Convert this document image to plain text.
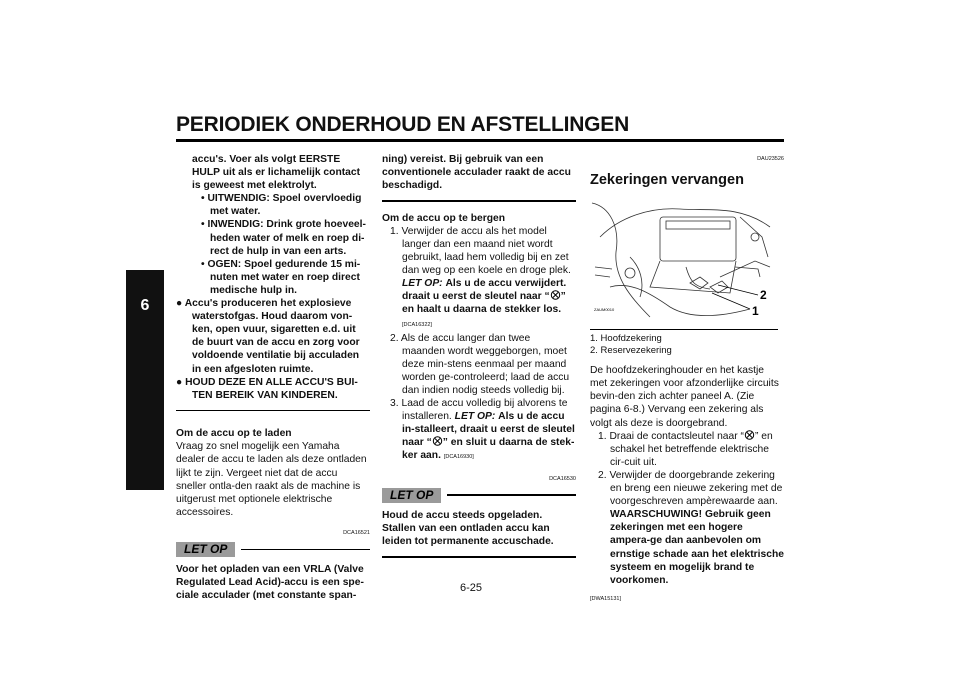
PERIODIEK ONDERHOUD EN AFSTELLINGEN
6

accu's. Voer als volgt EERSTE HULP uit als er lichamelijk contact is geweest met elektrolyt.

• UITWENDIG: Spoel overvloedig met water.

• INWENDIG: Drink grote hoeveel-heden water of melk en roep di-rect de hulp in van een arts.

• OGEN: Spoel gedurende 15 mi-nuten met water en roep direct medische hulp in.

● Accu's produceren het explosieve waterstofgas. Houd daarom von-ken, open vuur, sigaretten e.d. uit de buurt van de accu en zorg voor voldoende ventilatie bij acculaden in een afgesloten ruimte.

● HOUD DEZE EN ALLE ACCU'S BUI-TEN BEREIK VAN KINDEREN.

Om de accu op te laden

Vraag zo snel mogelijk een Yamaha dealer de accu te laden als deze ontladen lijkt te zijn. Vergeet niet dat de accu sneller ontla-den raakt als de machine is uitgerust met optionele elektrische accessoires.

DCA16521
LET OP

Voor het opladen van een VRLA (Valve Regulated Lead Acid)-accu is een spe-ciale acculader (met constante span-

ning) vereist. Bij gebruik van een conventionele acculader raakt de accu beschadigd.

Om de accu op te bergen

1. Verwijder de accu als het model langer dan een maand niet wordt gebruikt, laad hem volledig bij en zet dan weg op een koele en droge plek. LET OP: Als u de accu verwijdert. draait u eerst de sleutel naar “ ” en haalt u daarna de stekker los. [DCA16322]

2. Als de accu langer dan twee maanden wordt weggeborgen, moet deze min-stens eenmaal per maand worden ge-controleerd; laad de accu dan indien nodig steeds volledig bij.

3. Laad de accu volledig bij alvorens te installeren. LET OP: Als u de accu in-stalleert, draait u eerst de sleutel naar “ ” en sluit u daarna de stek-ker aan. [DCA16930]

DCA16530
LET OP

Houd de accu steeds opgeladen. Stallen van een ontladen accu kan leiden tot permanente accuschade.

DAU23526
Zekeringen vervangen
ZAUM0010
2
1
1. Hoofdzekering
2. Reservezekering

De hoofdzekeringhouder en het kastje met zekeringen voor afzonderlijke circuits bevin-den zich achter paneel A. (Zie pagina 6-8.) Vervang een zekering als volgt als deze is doorgebrand.

1. Draai de contactsleutel naar “ ” en schakel het betreffende elektrische cir-cuit uit.

2. Verwijder de doorgebrande zekering en breng een nieuwe zekering met de voorgeschreven ampèrewaarde aan. WAARSCHUWING! Gebruik geen zekeringen met een hogere ampera-ge dan aanbevolen om ernstige schade aan het elektrische systeem en mogelijk brand te voorkomen.

[DWA15131]
6-25
